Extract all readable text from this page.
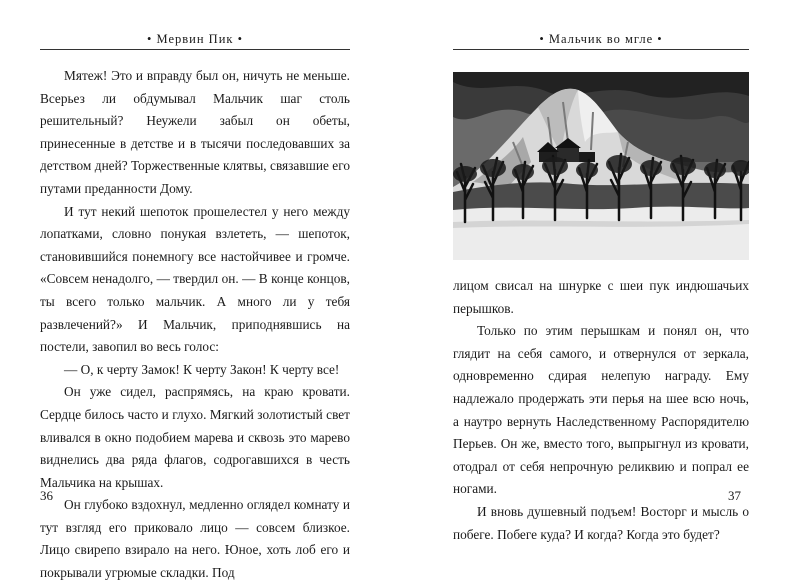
• Мервин Пик •

Мятеж! Это и вправду был он, ничуть не меньше. Всерьез ли обдумывал Мальчик шаг столь решительный? Неужели забыл он обеты, принесенные в детстве и в тысячи последовавших за детством дней? Торжественные клятвы, связавшие его путами преданности Дому.

И тут некий шепоток прошелестел у него между лопатками, словно понукая взлететь, — шепоток, становившийся понемногу все настойчивее и громче. «Совсем ненадолго, — твердил он. — В конце концов, ты всего только мальчик. А много ли у тебя развлечений?» И Мальчик, приподнявшись на постели, завопил во весь голос:

— О, к черту Замок! К черту Закон! К черту все!

Он уже сидел, распрямясь, на краю кровати. Сердце билось часто и глухо. Мягкий золотистый свет вливался в окно подобием марева и сквозь это марево виднелись два ряда флагов, содрогавшихся в честь Мальчика на крышах.

Он глубоко вздохнул, медленно оглядел комнату и тут взгляд его приковало лицо — совсем близкое. Лицо свирепо взирало на него. Юное, хоть лоб его и покрывали угрюмые складки. Под

36
• Мальчик во мгле •

лицом свисал на шнурке с шеи пук индюшачьих перышков.

Только по этим перышкам и понял он, что глядит на себя самого, и отвернулся от зеркала, одновременно сдирая нелепую награду. Ему надлежало продержать эти перья на шее всю ночь, а наутро вернуть Наследственному Распорядителю Перьев. Он же, вместо того, выпрыгнул из кровати, отодрал от себя непрочную реликвию и попрал ее ногами.

И вновь душевный подъем! Восторг и мысль о побеге. Побеге куда? И когда? Когда это будет?

37
